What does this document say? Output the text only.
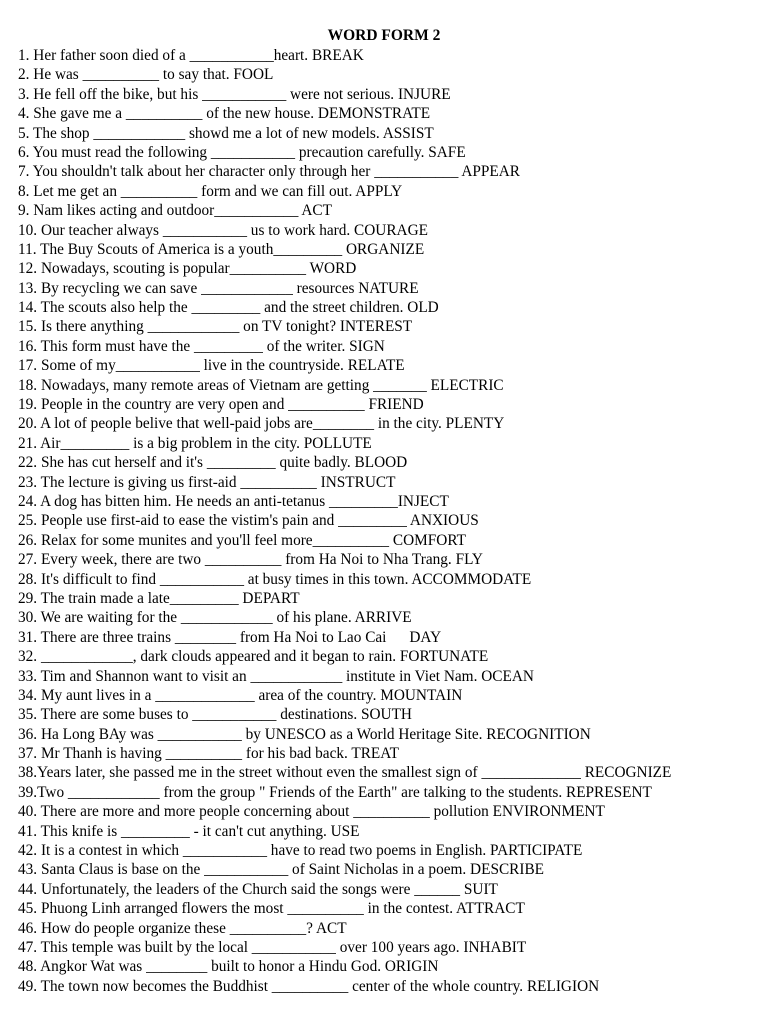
WORD FORM 2
1. Her father soon died of a ___________heart. BREAK
2. He was __________ to say that. FOOL
3. He fell off the bike, but his ___________ were not serious. INJURE
4. She gave me a __________ of the new house. DEMONSTRATE
5. The shop ____________ showd me a lot of new models. ASSIST
6. You must read the following ___________ precaution carefully. SAFE
7. You shouldn't talk about her character only through her ___________ APPEAR
8. Let me get an __________ form and we can fill out. APPLY
9. Nam likes acting and outdoor___________ ACT
10. Our teacher always ___________ us to work hard. COURAGE
11. The Buy Scouts of America is a youth_________ ORGANIZE
12. Nowadays, scouting is popular__________ WORD
13. By recycling we can save ____________ resources NATURE
14. The scouts also help the _________ and the street children. OLD
15. Is there anything ____________ on TV tonight? INTEREST
16. This form must have the _________ of the writer. SIGN
17. Some of my___________ live in the countryside. RELATE
18. Nowadays, many remote areas of Vietnam are getting _______ ELECTRIC
19. People in the country are very open and __________ FRIEND
20. A lot of people belive that well-paid jobs are________ in the city. PLENTY
21. Air_________ is a big problem in the city. POLLUTE
22. She has cut herself and it's _________ quite badly. BLOOD
23. The lecture is giving us first-aid __________ INSTRUCT
24. A dog has bitten him. He needs an anti-tetanus _________INJECT
25. People use first-aid to ease the vistim's pain and _________ ANXIOUS
26. Relax for some munites and you'll feel more__________ COMFORT
27. Every week, there are two __________ from Ha Noi to Nha Trang. FLY
28. It's difficult to find ___________ at busy times in this town. ACCOMMODATE
29. The train made a late_________ DEPART
30. We are waiting for the ____________ of his plane. ARRIVE
31. There are three trains ________ from Ha Noi to Lao Cai      DAY
32. ____________, dark clouds appeared and it began to rain. FORTUNATE
33. Tim and Shannon want to visit an ____________ institute in Viet Nam. OCEAN
34. My aunt lives in a _____________ area of the country. MOUNTAIN
35. There are some buses to ___________ destinations. SOUTH
36. Ha Long BAy was ___________ by UNESCO as a World Heritage Site. RECOGNITION
37. Mr Thanh is having __________ for his bad back. TREAT
38.Years later, she passed me in the street without even the smallest sign of _____________ RECOGNIZE
39.Two ____________ from the group " Friends of the Earth" are talking to the students. REPRESENT
40. There are more and more people concerning about __________ pollution ENVIRONMENT
41. This knife is _________ - it can't cut anything. USE
42. It is a contest in which ___________ have to read two poems in English. PARTICIPATE
43. Santa Claus is base on the ___________ of Saint Nicholas in a poem. DESCRIBE
44. Unfortunately, the leaders of the Church said the songs were ______ SUIT
45. Phuong Linh arranged flowers the most __________ in the contest. ATTRACT
46. How do people organize these __________? ACT
47. This temple was built by the local ___________ over 100 years ago. INHABIT
48. Angkor Wat was ________ built to honor a Hindu God. ORIGIN
49. The town now becomes the Buddhist __________ center of the whole country. RELIGION
